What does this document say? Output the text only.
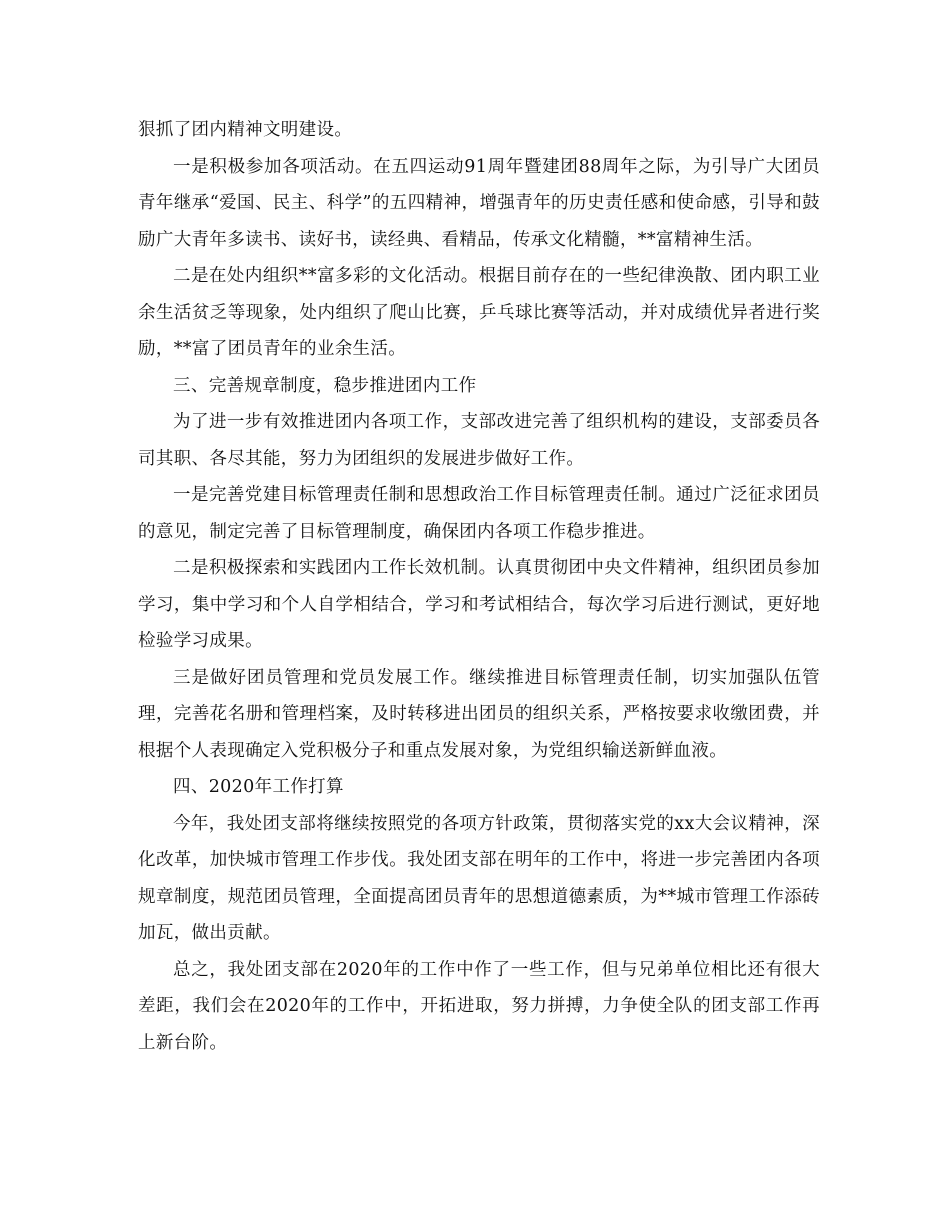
狠抓了团内精神文明建设。

一是积极参加各项活动。在五四运动91周年暨建团88周年之际，为引导广大团员青年继承“爱国、民主、科学”的五四精神，增强青年的历史责任感和使命感，引导和鼓励广大青年多读书、读好书，读经典、看精品，传承文化精髓，**富精神生活。

二是在处内组织**富多彩的文化活动。根据目前存在的一些纪律涣散、团内职工业余生活贫乏等现象，处内组织了爬山比赛，乒乓球比赛等活动，并对成绩优异者进行奖励，**富了团员青年的业余生活。

三、完善规章制度，稳步推进团内工作

为了进一步有效推进团内各项工作，支部改进完善了组织机构的建设，支部委员各司其职、各尽其能，努力为团组织的发展进步做好工作。

一是完善党建目标管理责任制和思想政治工作目标管理责任制。通过广泛征求团员的意见，制定完善了目标管理制度，确保团内各项工作稳步推进。

二是积极探索和实践团内工作长效机制。认真贯彻团中央文件精神，组织团员参加学习，集中学习和个人自学相结合，学习和考试相结合，每次学习后进行测试，更好地检验学习成果。

三是做好团员管理和党员发展工作。继续推进目标管理责任制，切实加强队伍管理，完善花名册和管理档案，及时转移进出团员的组织关系，严格按要求收缴团费，并根据个人表现确定入党积极分子和重点发展对象，为党组织输送新鲜血液。

四、2020年工作打算

今年，我处团支部将继续按照党的各项方针政策，贯彻落实党的xx大会议精神，深化改革，加快城市管理工作步伐。我处团支部在明年的工作中，将进一步完善团内各项规章制度，规范团员管理，全面提高团员青年的思想道德素质，为**城市管理工作添砖加瓦，做出贡献。

总之，我处团支部在2020年的工作中作了一些工作，但与兄弟单位相比还有很大差距，我们会在2020年的工作中，开拓进取，努力拼搏，力争使全队的团支部工作再上新台阶。
